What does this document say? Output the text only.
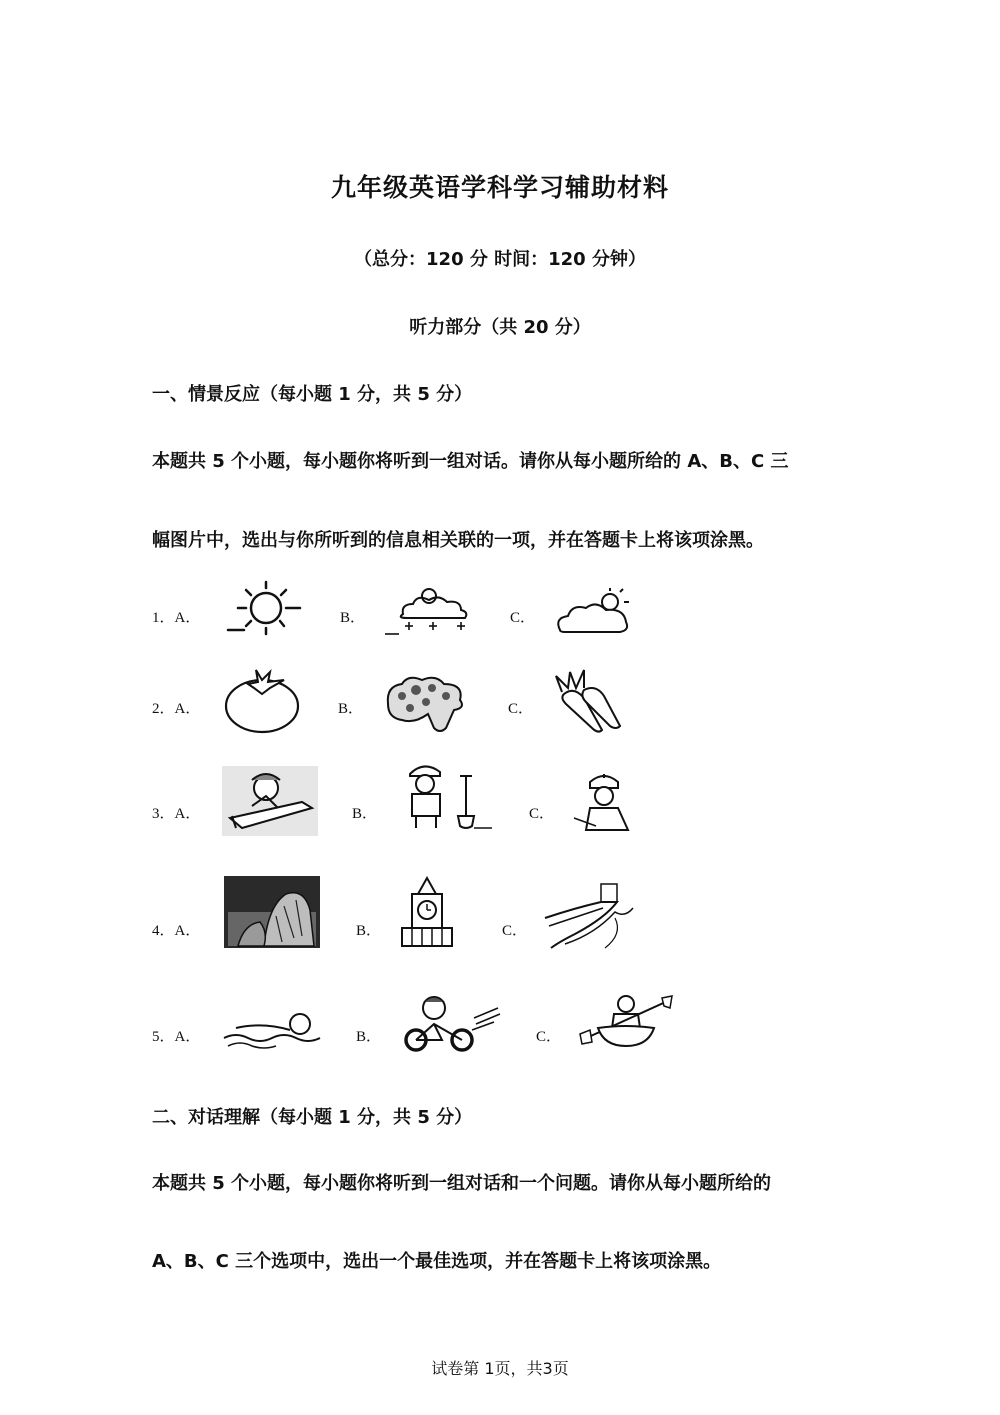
九年级英语学科学习辅助材料
（总分：120 分 时间：120 分钟）
听力部分（共 20 分）
一、情景反应（每小题 1 分，共 5 分）
本题共 5 个小题，每小题你将听到一组对话。请你从每小题所给的 A、B、C 三
幅图片中，选出与你所听到的信息相关联的一项，并在答题卡上将该项涂黑。
1．A．	B．	C．
2．A．	B．	C．
3．A．	B．	C．
4．A．	B．	C．
5．A．	B．	C．
二、对话理解（每小题 1 分，共 5 分）
本题共 5 个小题，每小题你将听到一组对话和一个问题。请你从每小题所给的
A、B、C 三个选项中，选出一个最佳选项，并在答题卡上将该项涂黑。
试卷第 1页，共3页
